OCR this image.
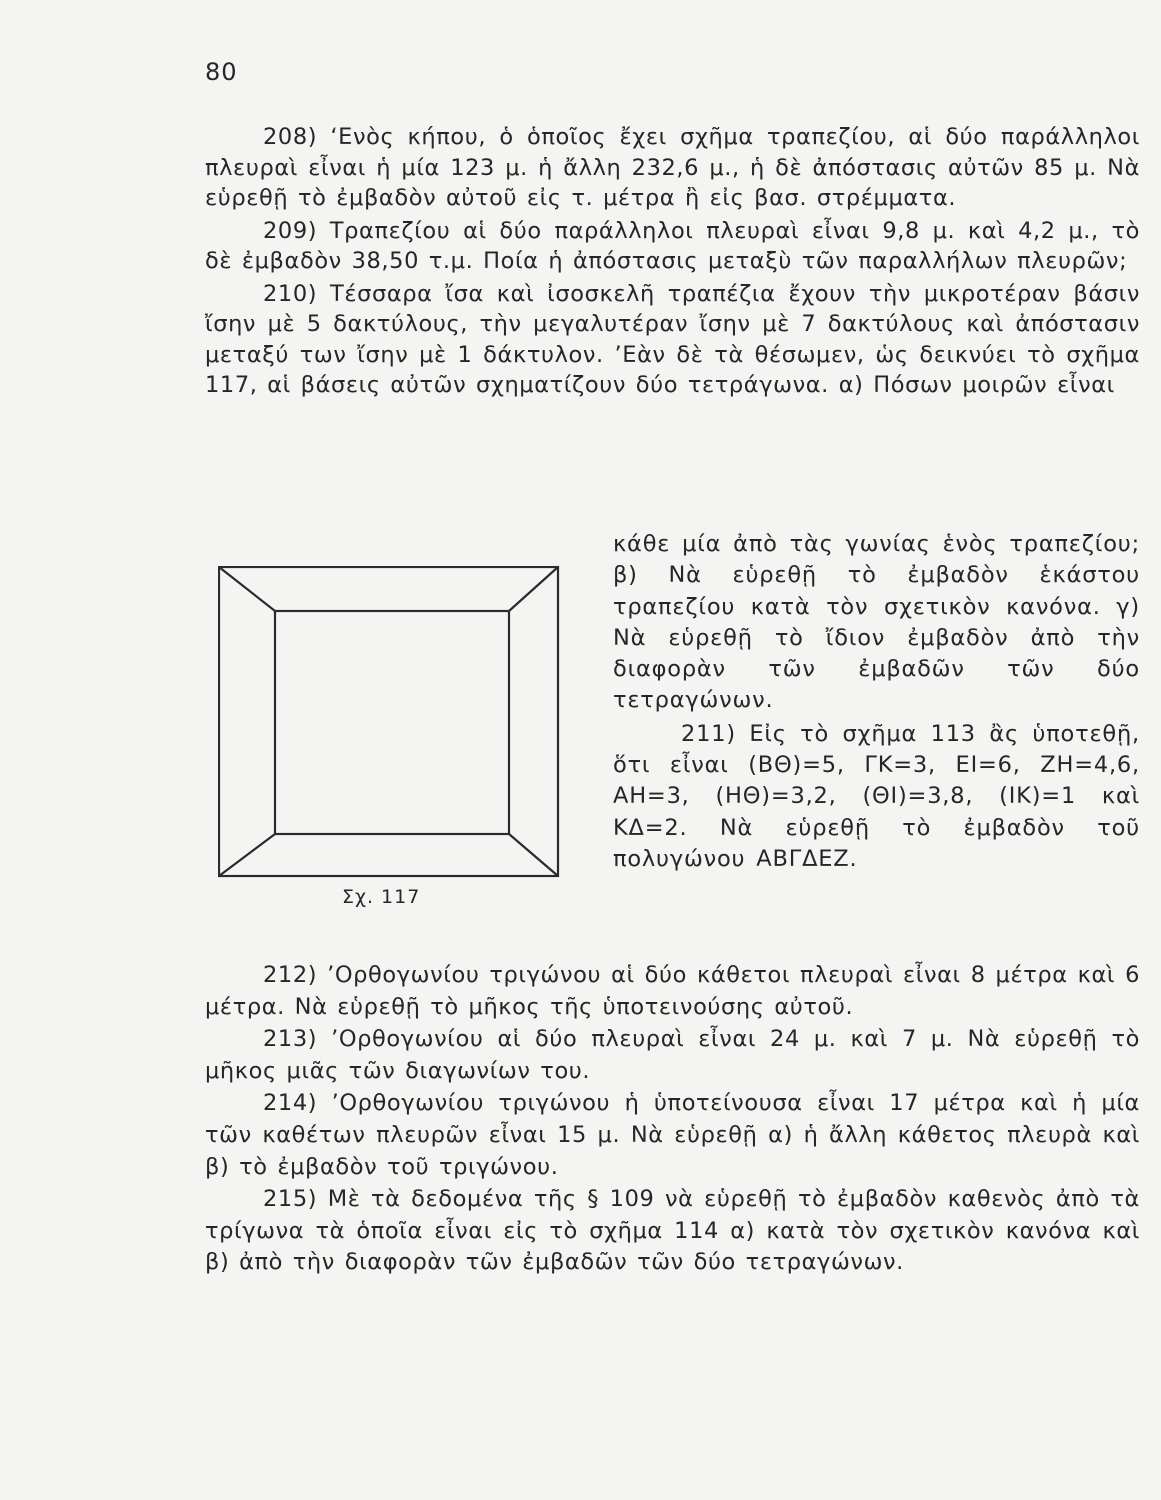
80

208) ‘Ενὸς κήπου, ὁ ὁποῖος ἔχει σχῆμα τραπεζίου, αἱ δύο παράλληλοι πλευραὶ εἶναι ἡ μία 123 μ. ἡ ἄλλη 232,6 μ., ἡ δὲ ἀπόστασις αὐτῶν 85 μ. Νὰ εὑρεθῇ τὸ ἐμβαδὸν αὐτοῦ εἰς τ. μέτρα ἢ εἰς βασ. στρέμματα.

209) Τραπεζίου αἱ δύο παράλληλοι πλευραὶ εἶναι 9,8 μ. καὶ 4,2 μ., τὸ δὲ ἐμβαδὸν 38,50 τ.μ. Ποία ἡ ἀπόστασις μεταξὺ τῶν παραλλήλων πλευρῶν;

210) Τέσσαρα ἴσα καὶ ἰσοσκελῆ τραπέζια ἔχουν τὴν μικροτέραν βάσιν ἴσην μὲ 5 δακτύλους, τὴν μεγαλυτέραν ἴσην μὲ 7 δακτύλους καὶ ἀπόστασιν μεταξύ των ἴσην μὲ 1 δάκτυλον. ’Εὰν δὲ τὰ θέσωμεν, ὡς δεικνύει τὸ σχῆμα 117, αἱ βάσεις αὐτῶν σχηματίζουν δύο τετράγωνα. α) Πόσων μοιρῶν εἶναι

Σχ. 117

κάθε μία ἀπὸ τὰς γωνίας ἑνὸς τραπεζίου; β) Νὰ εὑρεθῇ τὸ ἐμβαδὸν ἑκάστου τραπεζίου κατὰ τὸν σχετικὸν κανόνα. γ) Νὰ εὑρεθῇ τὸ ἴδιον ἐμβαδὸν ἀπὸ τὴν διαφορὰν τῶν ἐμβαδῶν τῶν δύο τετραγώνων.

211) Εἰς τὸ σχῆμα 113 ἂς ὑποτεθῇ, ὅτι εἶναι (ΒΘ)=5, ΓΚ=3, ΕΙ=6, ΖΗ=4,6, ΑΗ=3, (ΗΘ)=3,2, (ΘΙ)=3,8, (ΙΚ)=1 καὶ ΚΔ=2. Νὰ εὑρεθῇ τὸ ἐμβαδὸν τοῦ πολυγώνου ΑΒΓΔΕΖ.

212) ’Ορθογωνίου τριγώνου αἱ δύο κάθετοι πλευραὶ εἶναι 8 μέτρα καὶ 6 μέτρα. Νὰ εὑρεθῇ τὸ μῆκος τῆς ὑποτεινούσης αὐτοῦ.

213) ’Ορθογωνίου αἱ δύο πλευραὶ εἶναι 24 μ. καὶ 7 μ. Νὰ εὑρεθῇ τὸ μῆκος μιᾶς τῶν διαγωνίων του.

214) ’Ορθογωνίου τριγώνου ἡ ὑποτείνουσα εἶναι 17 μέτρα καὶ ἡ μία τῶν καθέτων πλευρῶν εἶναι 15 μ. Νὰ εὑρεθῇ α) ἡ ἄλλη κάθετος πλευρὰ καὶ β) τὸ ἐμβαδὸν τοῦ τριγώνου.

215) Μὲ τὰ δεδομένα τῆς § 109 νὰ εὑρεθῇ τὸ ἐμβαδὸν καθενὸς ἀπὸ τὰ τρίγωνα τὰ ὁποῖα εἶναι εἰς τὸ σχῆμα 114 α) κατὰ τὸν σχετικὸν κανόνα καὶ β) ἀπὸ τὴν διαφορὰν τῶν ἐμβαδῶν τῶν δύο τετραγώνων.
